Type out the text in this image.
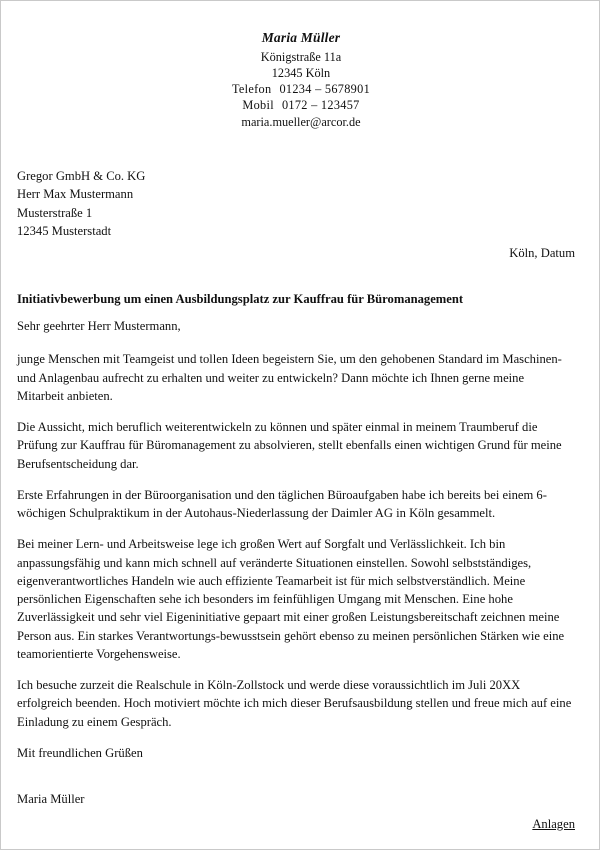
Maria Müller
Königstraße 11a
12345 Köln
Telefon 01234 – 5678901
Mobil 0172 – 123457
maria.mueller@arcor.de
Gregor GmbH & Co. KG
Herr Max Mustermann
Musterstraße 1
12345 Musterstadt
Köln, Datum
Initiativbewerbung um einen Ausbildungsplatz zur Kauffrau für Büromanagement

Sehr geehrter Herr Mustermann,

junge Menschen mit Teamgeist und tollen Ideen begeistern Sie, um den gehobenen Standard im Maschinen- und Anlagenbau aufrecht zu erhalten und weiter zu entwickeln? Dann möchte ich Ihnen gerne meine Mitarbeit anbieten.

Die Aussicht, mich beruflich weiterentwickeln zu können und später einmal in meinem Traumberuf die Prüfung zur Kauffrau für Büromanagement zu absolvieren, stellt ebenfalls einen wichtigen Grund für meine Berufsentscheidung dar.

Erste Erfahrungen in der Büroorganisation und den täglichen Büroaufgaben habe ich bereits bei einem 6-wöchigen Schulpraktikum in der Autohaus-Niederlassung der Daimler AG in Köln gesammelt.

Bei meiner Lern- und Arbeitsweise lege ich großen Wert auf Sorgfalt und Verlässlichkeit. Ich bin anpassungsfähig und kann mich schnell auf veränderte Situationen einstellen. Sowohl selbstständiges, eigenverantwortliches Handeln wie auch effiziente Teamarbeit ist für mich selbstverständlich. Meine persönlichen Eigenschaften sehe ich besonders im feinfühligen Umgang mit Menschen. Eine hohe Zuverlässigkeit und sehr viel Eigeninitiative gepaart mit einer großen Leistungsbereitschaft zeichnen meine Person aus. Ein starkes Verantwortungs-bewusstsein gehört ebenso zu meinen persönlichen Stärken wie eine teamorientierte Vorgehensweise.

Ich besuche zurzeit die Realschule in Köln-Zollstock und werde diese voraussichtlich im Juli 20XX erfolgreich beenden. Hoch motiviert möchte ich mich dieser Berufsausbildung stellen und freue mich auf eine Einladung zu einem Gespräch.

Mit freundlichen Grüßen

Maria Müller
Anlagen
